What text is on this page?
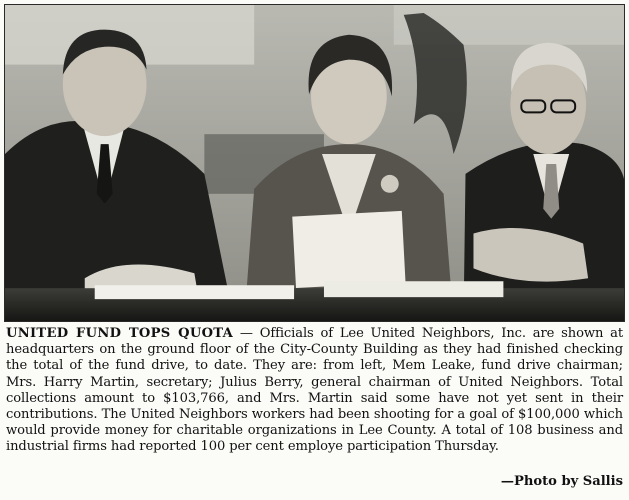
UNITED FUND TOPS QUOTA — Officials of Lee United Neighbors, Inc. are shown at headquarters on the ground floor of the City-County Building as they had finished checking the total of the fund drive, to date. They are: from left, Mem Leake, fund drive chairman; Mrs. Harry Martin, secretary; Julius Berry, general chairman of United Neighbors. Total collections amount to $103,766, and Mrs. Martin said some have not yet sent in their contributions. The United Neighbors workers had been shooting for a goal of $100,000 which would provide money for charitable organizations in Lee County. A total of 108 business and industrial firms had reported 100 per cent employe participation Thursday.
—Photo by Sallis
